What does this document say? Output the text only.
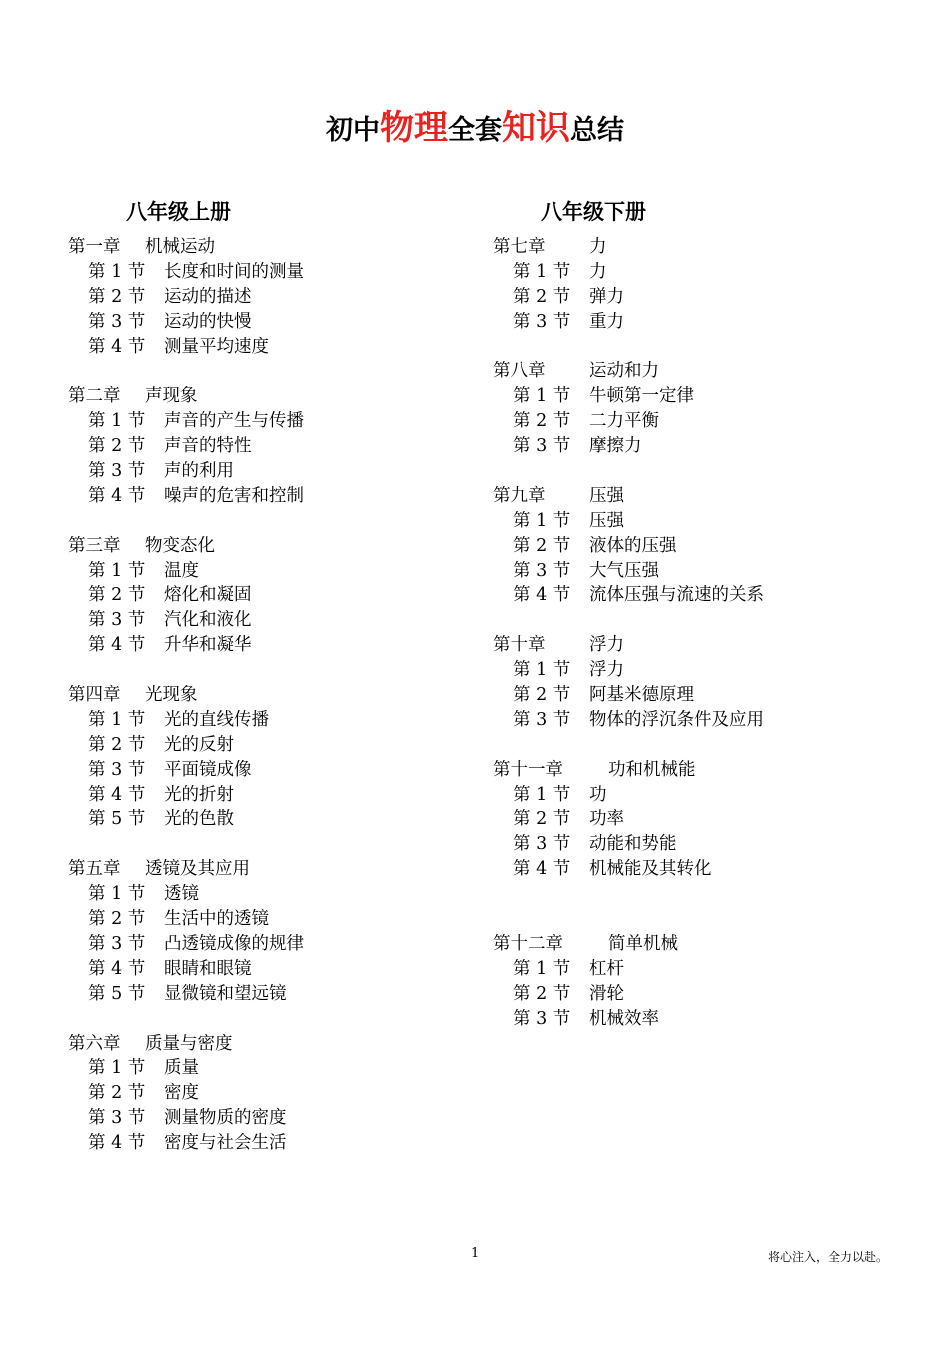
初中物理全套知识总结
八年级上册
第一章 机械运动
第 1 节 长度和时间的测量
第 2 节 运动的描述
第 3 节 运动的快慢
第 4 节 测量平均速度
第二章 声现象
第 1 节 声音的产生与传播
第 2 节 声音的特性
第 3 节 声的利用
第 4 节 噪声的危害和控制
第三章 物变态化
第 1 节 温度
第 2 节 熔化和凝固
第 3 节 汽化和液化
第 4 节 升华和凝华
第四章 光现象
第 1 节 光的直线传播
第 2 节 光的反射
第 3 节 平面镜成像
第 4 节 光的折射
第 5 节 光的色散
第五章 透镜及其应用
第 1 节 透镜
第 2 节 生活中的透镜
第 3 节 凸透镜成像的规律
第 4 节 眼睛和眼镜
第 5 节 显微镜和望远镜
第六章 质量与密度
第 1 节 质量
第 2 节 密度
第 3 节 测量物质的密度
第 4 节 密度与社会生活
八年级下册
第七章 力
第 1 节 力
第 2 节 弹力
第 3 节 重力
第八章 运动和力
第 1 节 牛顿第一定律
第 2 节 二力平衡
第 3 节 摩擦力
第九章 压强
第 1 节 压强
第 2 节 液体的压强
第 3 节 大气压强
第 4 节 流体压强与流速的关系
第十章 浮力
第 1 节 浮力
第 2 节 阿基米德原理
第 3 节 物体的浮沉条件及应用
第十一章	功和机械能
第 1 节 功
第 2 节 功率
第 3 节 动能和势能
第 4 节 机械能及其转化
第十二章	简单机械
第 1 节 杠杆
第 2 节 滑轮
第 3 节 机械效率
1	将心注入，全力以赴。
